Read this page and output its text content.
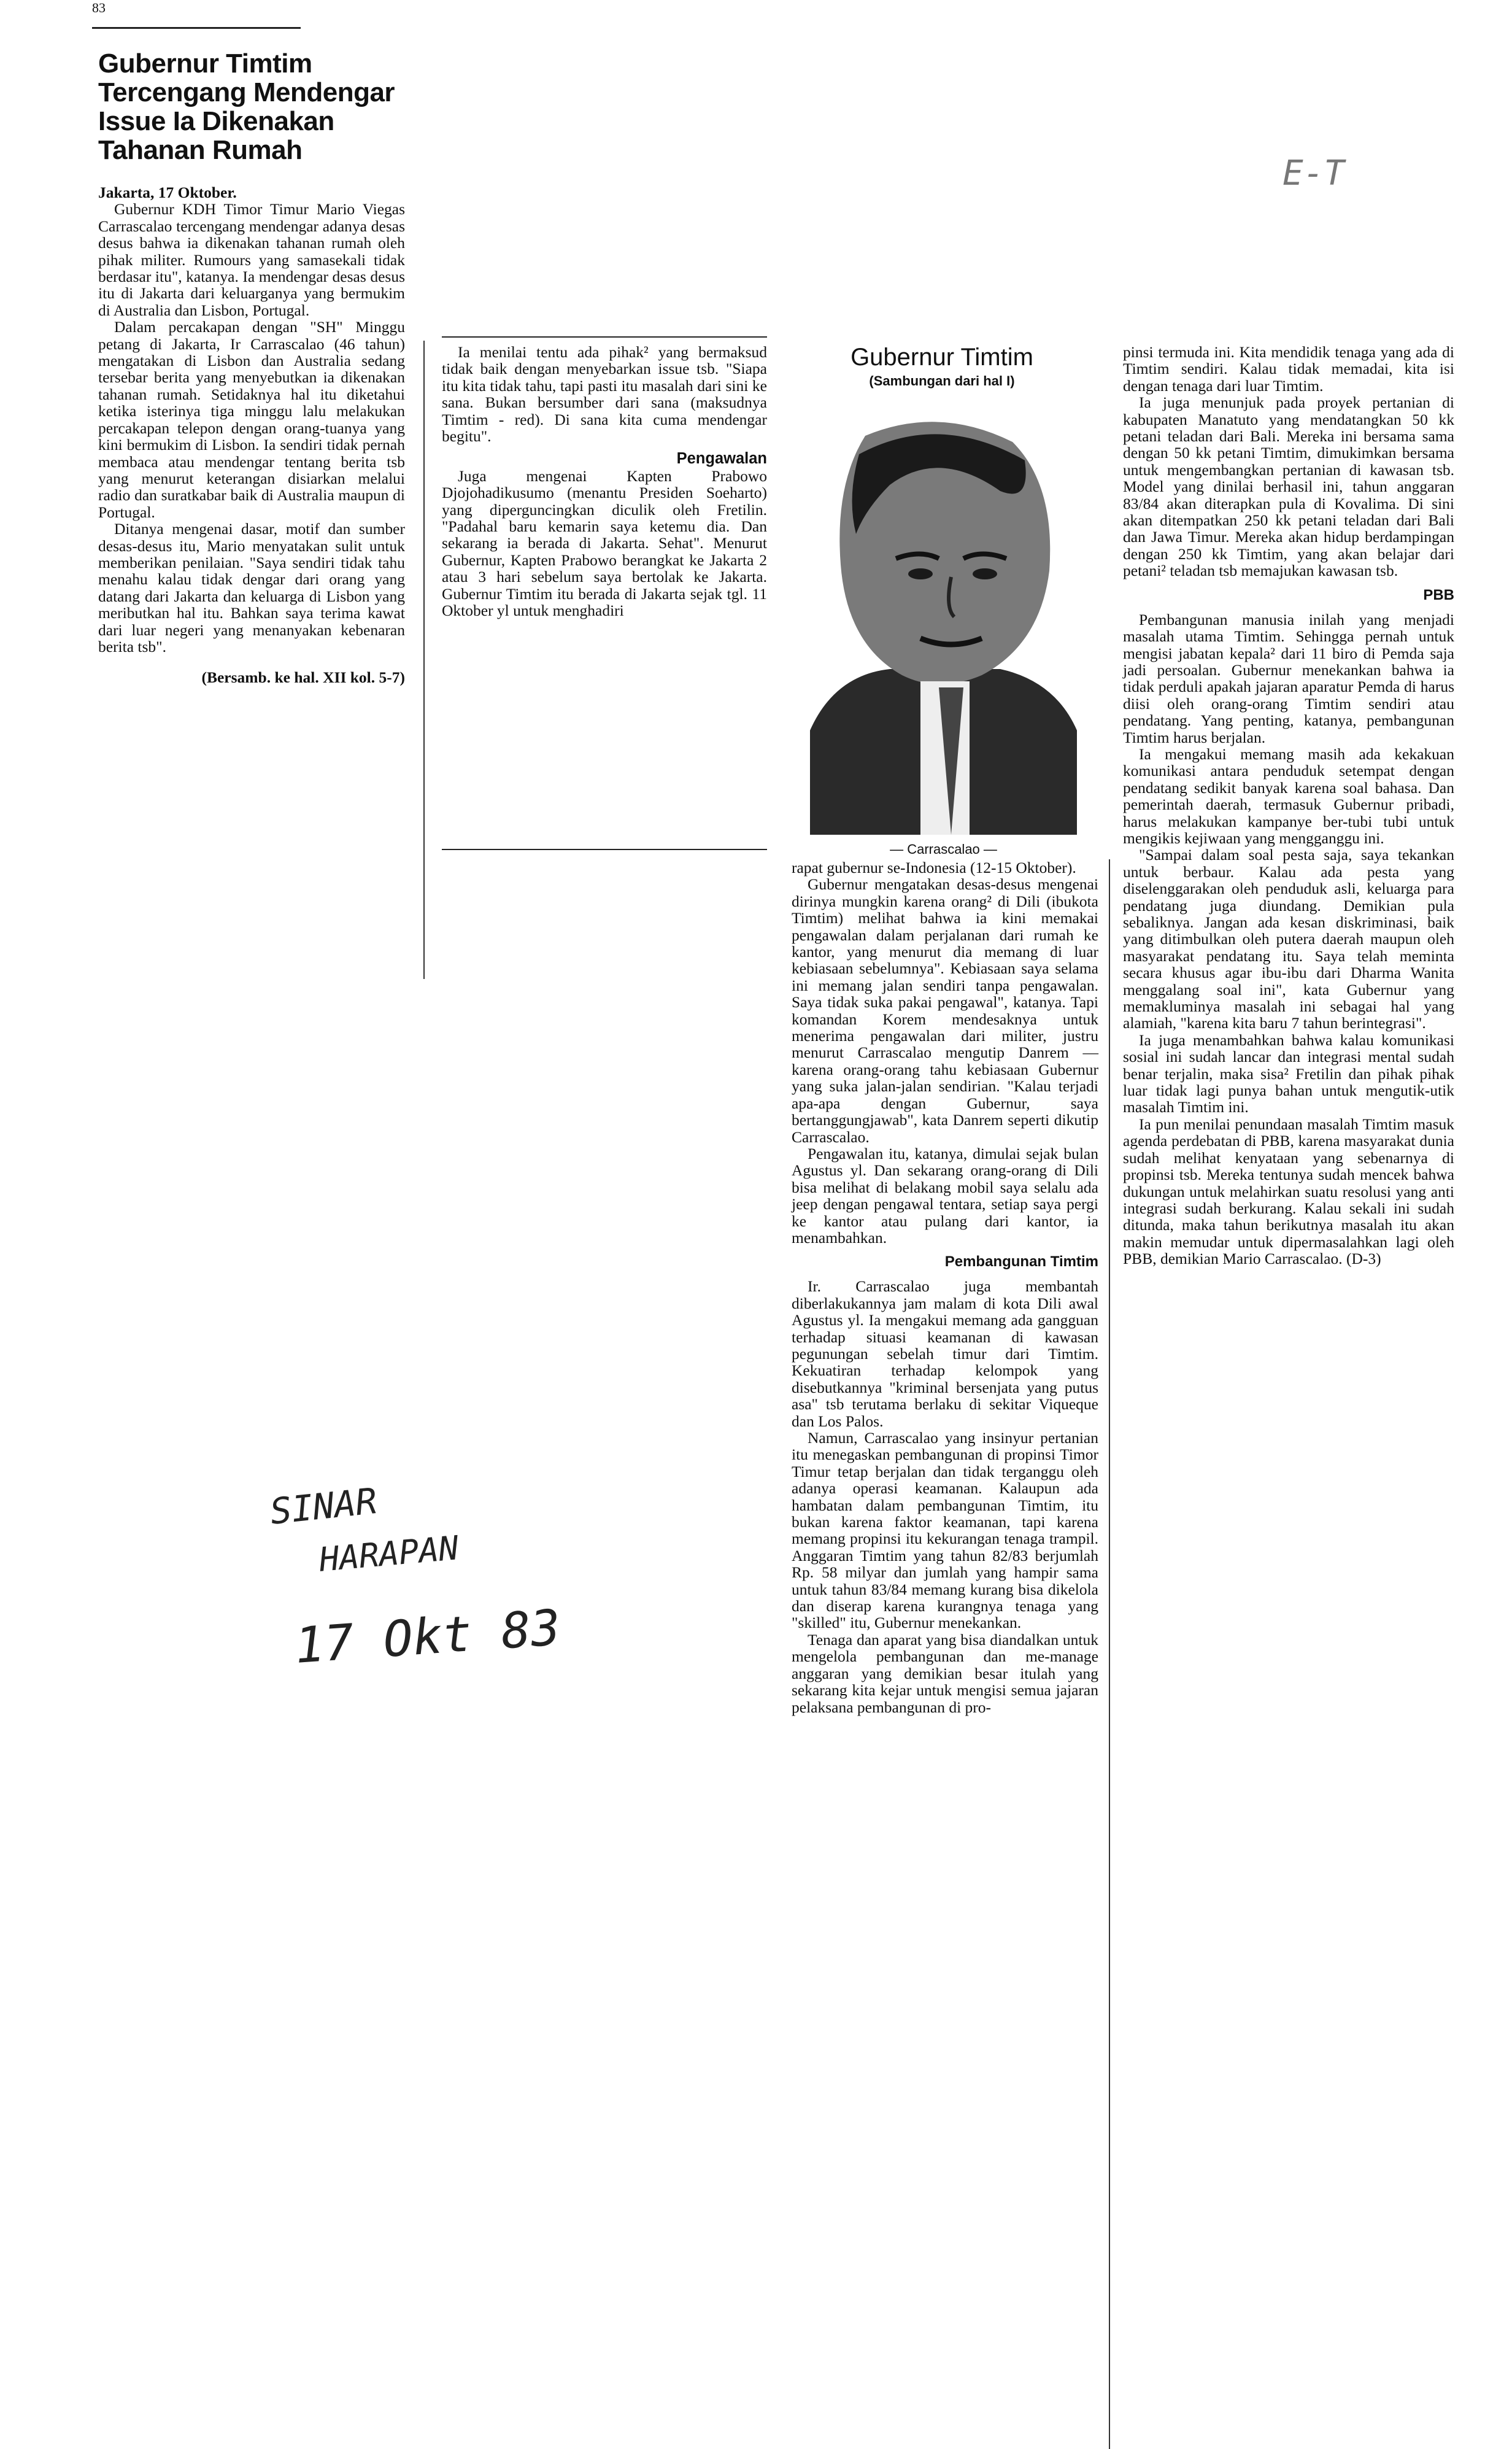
83
Gubernur Timtim Tercengang Mendengar Issue Ia Dikenakan Tahanan Rumah

Jakarta, 17 Oktober.

Gubernur KDH Timor Timur Mario Viegas Carrascalao tercengang mendengar adanya desas desus bahwa ia dikenakan tahanan rumah oleh pihak militer. Rumours yang samasekali tidak berdasar itu", katanya. Ia mendengar desas desus itu di Jakarta dari keluarganya yang bermukim di Australia dan Lisbon, Portugal.

Dalam percakapan dengan "SH" Minggu petang di Jakarta, Ir Carrascalao (46 tahun) mengatakan di Lisbon dan Australia sedang tersebar berita yang menyebutkan ia dikenakan tahanan rumah. Setidaknya hal itu diketahui ketika isterinya tiga minggu lalu melakukan percakapan telepon dengan orang-tuanya yang kini bermukim di Lisbon. Ia sendiri tidak pernah membaca atau mendengar tentang berita tsb yang menurut keterangan disiarkan melalui radio dan suratkabar baik di Australia maupun di Portugal.

Ditanya mengenai dasar, motif dan sumber desas-desus itu, Mario menyatakan sulit untuk memberikan penilaian. "Saya sendiri tidak tahu menahu kalau tidak dengar dari orang yang datang dari Jakarta dan keluarga di Lisbon yang meributkan hal itu. Bahkan saya terima kawat dari luar negeri yang menanyakan kebenaran berita tsb".

(Bersamb. ke hal. XII kol. 5-7)

Ia menilai tentu ada pihak² yang bermaksud tidak baik dengan menyebarkan issue tsb. "Siapa itu kita tidak tahu, tapi pasti itu masalah dari sini ke sana. Bukan bersumber dari sana (maksudnya Timtim - red). Di sana kita cuma mendengar begitu".

Pengawalan

Juga mengenai Kapten Prabowo Djojohadikusumo (menantu Presiden Soeharto) yang diperguncingkan diculik oleh Fretilin. "Padahal baru kemarin saya ketemu dia. Dan sekarang ia berada di Jakarta. Sehat". Menurut Gubernur, Kapten Prabowo berangkat ke Jakarta 2 atau 3 hari sebelum saya bertolak ke Jakarta. Gubernur Timtim itu berada di Jakarta sejak tgl. 11 Oktober yl untuk menghadiri

Gubernur Timtim
(Sambungan dari hal I)
— Carrascalao —

rapat gubernur se-Indonesia (12-15 Oktober).

Gubernur mengatakan desas-desus mengenai dirinya mungkin karena orang² di Dili (ibukota Timtim) melihat bahwa ia kini memakai pengawalan dalam perjalanan dari rumah ke kantor, yang menurut dia memang di luar kebiasaan sebelumnya". Kebiasaan saya selama ini memang jalan sendiri tanpa pengawalan. Saya tidak suka pakai pengawal", katanya. Tapi komandan Korem mendesaknya untuk menerima pengawalan dari militer, justru menurut Carrascalao mengutip Danrem — karena orang-orang tahu kebiasaan Gubernur yang suka jalan-jalan sendirian. "Kalau terjadi apa-apa dengan Gubernur, saya bertanggungjawab", kata Danrem seperti dikutip Carrascalao.

Pengawalan itu, katanya, dimulai sejak bulan Agustus yl. Dan sekarang orang-orang di Dili bisa melihat di belakang mobil saya selalu ada jeep dengan pengawal tentara, setiap saya pergi ke kantor atau pulang dari kantor, ia menambahkan.

Pembangunan Timtim

Ir. Carrascalao juga membantah diberlakukannya jam malam di kota Dili awal Agustus yl. Ia mengakui memang ada gangguan terhadap situasi keamanan di kawasan pegunungan sebelah timur dari Timtim. Kekuatiran terhadap kelompok yang disebutkannya "kriminal bersenjata yang putus asa" tsb terutama berlaku di sekitar Viqueque dan Los Palos.

Namun, Carrascalao yang insinyur pertanian itu menegaskan pembangunan di propinsi Timor Timur tetap berjalan dan tidak terganggu oleh adanya operasi keamanan. Kalaupun ada hambatan dalam pembangunan Timtim, itu bukan karena faktor keamanan, tapi karena memang propinsi itu kekurangan tenaga trampil. Anggaran Timtim yang tahun 82/83 berjumlah Rp. 58 milyar dan jumlah yang hampir sama untuk tahun 83/84 memang kurang bisa dikelola dan diserap karena kurangnya tenaga yang "skilled" itu, Gubernur menekankan.

Tenaga dan aparat yang bisa diandalkan untuk mengelola pembangunan dan me-manage anggaran yang demikian besar itulah yang sekarang kita kejar untuk mengisi semua jajaran pelaksana pembangunan di pro-

pinsi termuda ini. Kita mendidik tenaga yang ada di Timtim sendiri. Kalau tidak memadai, kita isi dengan tenaga dari luar Timtim.

Ia juga menunjuk pada proyek pertanian di kabupaten Manatuto yang mendatangkan 50 kk petani teladan dari Bali. Mereka ini bersama sama dengan 50 kk petani Timtim, dimukimkan bersama untuk mengembangkan pertanian di kawasan tsb. Model yang dinilai berhasil ini, tahun anggaran 83/84 akan diterapkan pula di Kovalima. Di sini akan ditempatkan 250 kk petani teladan dari Bali dan Jawa Timur. Mereka akan hidup berdampingan dengan 250 kk Timtim, yang akan belajar dari petani² teladan tsb memajukan kawasan tsb.

PBB

Pembangunan manusia inilah yang menjadi masalah utama Timtim. Sehingga pernah untuk mengisi jabatan kepala² dari 11 biro di Pemda saja jadi persoalan. Gubernur menekankan bahwa ia tidak perduli apakah jajaran aparatur Pemda di harus diisi oleh orang-orang Timtim sendiri atau pendatang. Yang penting, katanya, pembangunan Timtim harus berjalan.

Ia mengakui memang masih ada kekakuan komunikasi antara penduduk setempat dengan pendatang sedikit banyak karena soal bahasa. Dan pemerintah daerah, termasuk Gubernur pribadi, harus melakukan kampanye ber-tubi tubi untuk mengikis kejiwaan yang mengganggu ini.

"Sampai dalam soal pesta saja, saya tekankan untuk berbaur. Kalau ada pesta yang diselenggarakan oleh penduduk asli, keluarga para pendatang juga diundang. Demikian pula sebaliknya. Jangan ada kesan diskriminasi, baik yang ditimbulkan oleh putera daerah maupun oleh masyarakat pendatang itu. Saya telah meminta secara khusus agar ibu-ibu dari Dharma Wanita menggalang soal ini", kata Gubernur yang memakluminya masalah ini sebagai hal yang alamiah, "karena kita baru 7 tahun berintegrasi".

Ia juga menambahkan bahwa kalau komunikasi sosial ini sudah lancar dan integrasi mental sudah benar terjalin, maka sisa² Fretilin dan pihak pihak luar tidak lagi punya bahan untuk mengutik-utik masalah Timtim ini.

Ia pun menilai penundaan masalah Timtim masuk agenda perdebatan di PBB, karena masyarakat dunia sudah melihat kenyataan yang sebenarnya di propinsi tsb. Mereka tentunya sudah mencek bahwa dukungan untuk melahirkan suatu resolusi yang anti integrasi sudah berkurang. Kalau sekali ini sudah ditunda, maka tahun berikutnya masalah itu akan makin memudar untuk dipermasalahkan lagi oleh PBB, demikian Mario Carrascalao. (D-3)

E-T
SINAR
HARAPAN
17 Okt 83
